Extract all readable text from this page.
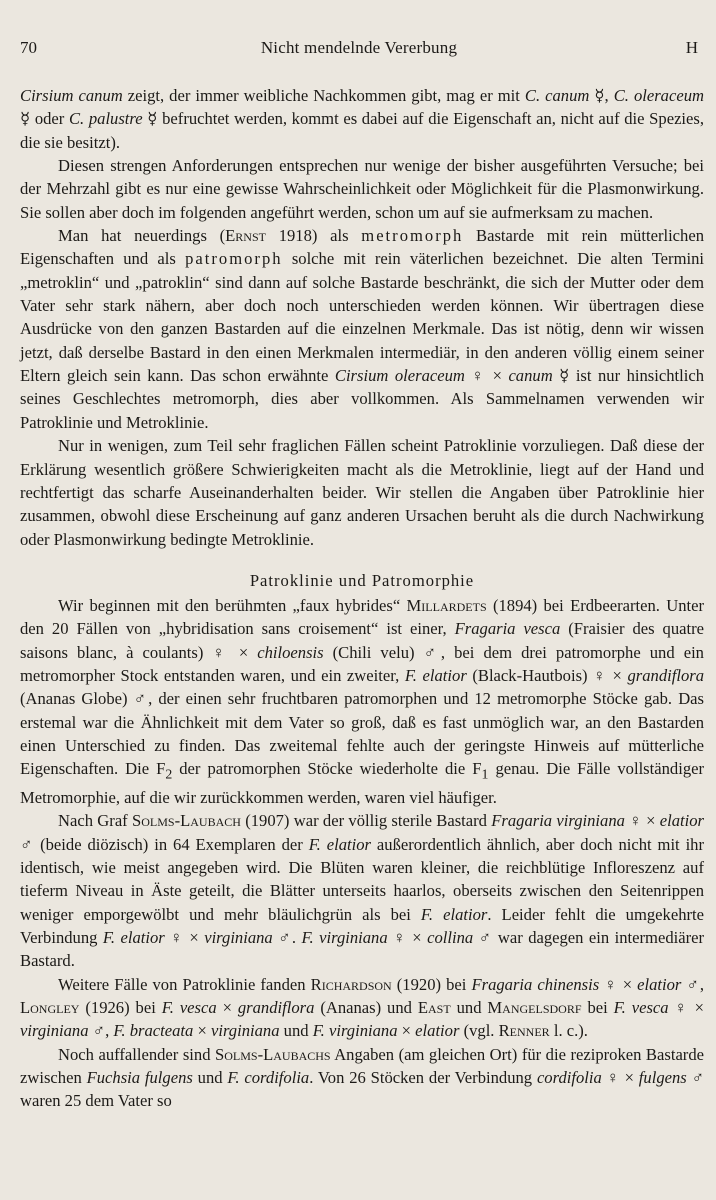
70	Nicht mendelnde Vererbung	H

Cirsium canum zeigt, der immer weibliche Nachkommen gibt, mag er mit C. canum ☿, C. oleraceum ☿ oder C. palustre ☿ befruchtet werden, kommt es dabei auf die Eigenschaft an, nicht auf die Spezies, die sie besitzt).

Diesen strengen Anforderungen entsprechen nur wenige der bisher ausgeführten Versuche; bei der Mehrzahl gibt es nur eine gewisse Wahrscheinlichkeit oder Möglichkeit für die Plasmonwirkung. Sie sollen aber doch im folgenden angeführt werden, schon um auf sie aufmerksam zu machen.

Man hat neuerdings (Ernst 1918) als metromorph Bastarde mit rein mütterlichen Eigenschaften und als patromorph solche mit rein väterlichen bezeichnet. Die alten Termini „metroklin“ und „patroklin“ sind dann auf solche Bastarde beschränkt, die sich der Mutter oder dem Vater sehr stark nähern, aber doch noch unterschieden werden können. Wir übertragen diese Ausdrücke von den ganzen Bastarden auf die einzelnen Merkmale. Das ist nötig, denn wir wissen jetzt, daß derselbe Bastard in den einen Merkmalen intermediär, in den anderen völlig einem seiner Eltern gleich sein kann. Das schon erwähnte Cirsium oleraceum ♀ × canum ☿ ist nur hinsichtlich seines Geschlechtes metromorph, dies aber vollkommen. Als Sammelnamen verwenden wir Patroklinie und Metroklinie.

Nur in wenigen, zum Teil sehr fraglichen Fällen scheint Patroklinie vorzuliegen. Daß diese der Erklärung wesentlich größere Schwierigkeiten macht als die Metroklinie, liegt auf der Hand und rechtfertigt das scharfe Auseinanderhalten beider. Wir stellen die Angaben über Patroklinie hier zusammen, obwohl diese Erscheinung auf ganz anderen Ursachen beruht als die durch Nachwirkung oder Plasmonwirkung bedingte Metroklinie.

Patroklinie und Patromorphie

Wir beginnen mit den berühmten „faux hybrides“ Millardets (1894) bei Erdbeerarten. Unter den 20 Fällen von „hybridisation sans croisement“ ist einer, Fragaria vesca (Fraisier des quatre saisons blanc, à coulants) ♀ × chiloensis (Chili velu) ♂, bei dem drei patromorphe und ein metromorpher Stock entstanden waren, und ein zweiter, F. elatior (Black-Hautbois) ♀ × grandiflora (Ananas Globe) ♂, der einen sehr fruchtbaren patromorphen und 12 metromorphe Stöcke gab. Das erstemal war die Ähnlichkeit mit dem Vater so groß, daß es fast unmöglich war, an den Bastarden einen Unterschied zu finden. Das zweitemal fehlte auch der geringste Hinweis auf mütterliche Eigenschaften. Die $F_2$ der patromorphen Stöcke wiederholte die $F_1$ genau. Die Fälle vollständiger Metromorphie, auf die wir zurückkommen werden, waren viel häufiger.

Nach Graf Solms-Laubach (1907) war der völlig sterile Bastard Fragaria virginiana ♀ × elatior ♂ (beide diözisch) in 64 Exemplaren der F. elatior außerordentlich ähnlich, aber doch nicht mit ihr identisch, wie meist angegeben wird. Die Blüten waren kleiner, die reichblütige Infloreszenz auf tieferm Niveau in Äste geteilt, die Blätter unterseits haarlos, oberseits zwischen den Seitenrippen weniger emporgewölbt und mehr bläulichgrün als bei F. elatior. Leider fehlt die umgekehrte Verbindung F. elatior ♀ × virginiana ♂. F. virginiana ♀ × collina ♂ war dagegen ein intermediärer Bastard.

Weitere Fälle von Patroklinie fanden Richardson (1920) bei Fragaria chinensis ♀ × elatior ♂, Longley (1926) bei F. vesca × grandiflora (Ananas) und East und Mangelsdorf bei F. vesca ♀ × virginiana ♂, F. bracteata × virginiana und F. virginiana × elatior (vgl. Renner l. c.).

Noch auffallender sind Solms-Laubachs Angaben (am gleichen Ort) für die reziproken Bastarde zwischen Fuchsia fulgens und F. cordifolia. Von 26 Stöcken der Verbindung cordifolia ♀ × fulgens ♂ waren 25 dem Vater so
